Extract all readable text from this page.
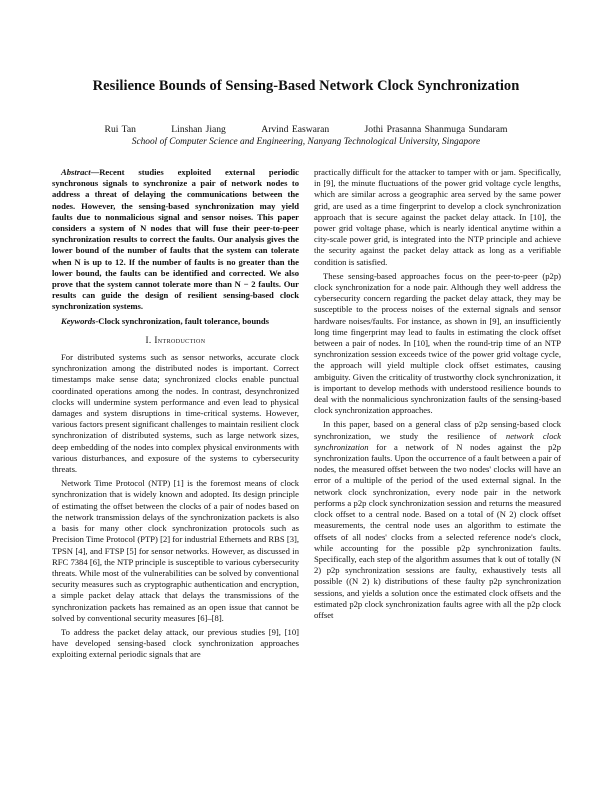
Resilience Bounds of Sensing-Based Network Clock Synchronization
Rui Tan	Linshan Jiang	Arvind Easwaran	Jothi Prasanna Shanmuga Sundaram
School of Computer Science and Engineering, Nanyang Technological University, Singapore

Abstract—Recent studies exploited external periodic synchronous signals to synchronize a pair of network nodes to address a threat of delaying the communications between the nodes. However, the sensing-based synchronization may yield faults due to nonmalicious signal and sensor noises. This paper considers a system of N nodes that will fuse their peer-to-peer synchronization results to correct the faults. Our analysis gives the lower bound of the number of faults that the system can tolerate when N is up to 12. If the number of faults is no greater than the lower bound, the faults can be identified and corrected. We also prove that the system cannot tolerate more than N − 2 faults. Our results can guide the design of resilient sensing-based clock synchronization systems.

Keywords-Clock synchronization, fault tolerance, bounds

I. Introduction

For distributed systems such as sensor networks, accurate clock synchronization among the distributed nodes is important. Correct timestamps make sense data; synchronized clocks enable punctual coordinated operations among the nodes. In contrast, desynchronized clocks will undermine system performance and even lead to physical damages and system disruptions in time-critical systems. However, various factors present significant challenges to maintain resilient clock synchronization of distributed systems, such as large network sizes, deep embedding of the nodes into complex physical environments with various disturbances, and exposure of the systems to cybersecurity threats.

Network Time Protocol (NTP) [1] is the foremost means of clock synchronization that is widely known and adopted. Its design principle of estimating the offset between the clocks of a pair of nodes based on the network transmission delays of the synchronization packets is also a basis for many other clock synchronization protocols such as Precision Time Protocol (PTP) [2] for industrial Ethernets and RBS [3], TPSN [4], and FTSP [5] for sensor networks. However, as discussed in RFC 7384 [6], the NTP principle is susceptible to various cybersecurity threats. While most of the vulnerabilities can be solved by conventional security measures such as cryptographic authentication and encryption, a simple packet delay attack that delays the transmissions of the synchronization packets has remained as an open issue that cannot be solved by conventional security measures [6]–[8].

To address the packet delay attack, our previous studies [9], [10] have developed sensing-based clock synchronization approaches exploiting external periodic signals that are

practically difficult for the attacker to tamper with or jam. Specifically, in [9], the minute fluctuations of the power grid voltage cycle lengths, which are similar across a geographic area served by the same power grid, are used as a time fingerprint to develop a clock synchronization approach that is secure against the packet delay attack. In [10], the power grid voltage phase, which is nearly identical anytime within a city-scale power grid, is integrated into the NTP principle and achieve the security against the packet delay attack as long as a verifiable condition is satisfied.

These sensing-based approaches focus on the peer-to-peer (p2p) clock synchronization for a node pair. Although they well address the cybersecurity concern regarding the packet delay attack, they may be susceptible to the process noises of the external signals and sensor hardware noises/faults. For instance, as shown in [9], an insufficiently long time fingerprint may lead to faults in estimating the clock offset between a pair of nodes. In [10], when the round-trip time of an NTP synchronization session exceeds twice of the power grid voltage cycle, the approach will yield multiple clock offset estimates, causing ambiguity. Given the criticality of trustworthy clock synchronization, it is important to develop methods with understood resilience bounds to deal with the nonmalicious synchronization faults of the sensing-based clock synchronization approaches.

In this paper, based on a general class of p2p sensing-based clock synchronization, we study the resilience of network clock synchronization for a network of N nodes against the p2p synchronization faults. Upon the occurrence of a fault between a pair of nodes, the measured offset between the two nodes' clocks will have an error of a multiple of the period of the used external signal. In the network clock synchronization, every node pair in the network performs a p2p clock synchronization session and returns the measured clock offset to a central node. Based on a total of (N 2) clock offset measurements, the central node uses an algorithm to estimate the offsets of all nodes' clocks from a selected reference node's clock, while accounting for the possible p2p synchronization faults. Specifically, each step of the algorithm assumes that k out of totally (N 2) p2p synchronization sessions are faulty, exhaustively tests all possible ((N 2) k) distributions of these faulty p2p synchronization sessions, and yields a solution once the estimated clock offsets and the estimated p2p clock synchronization faults agree with all the p2p clock offset
